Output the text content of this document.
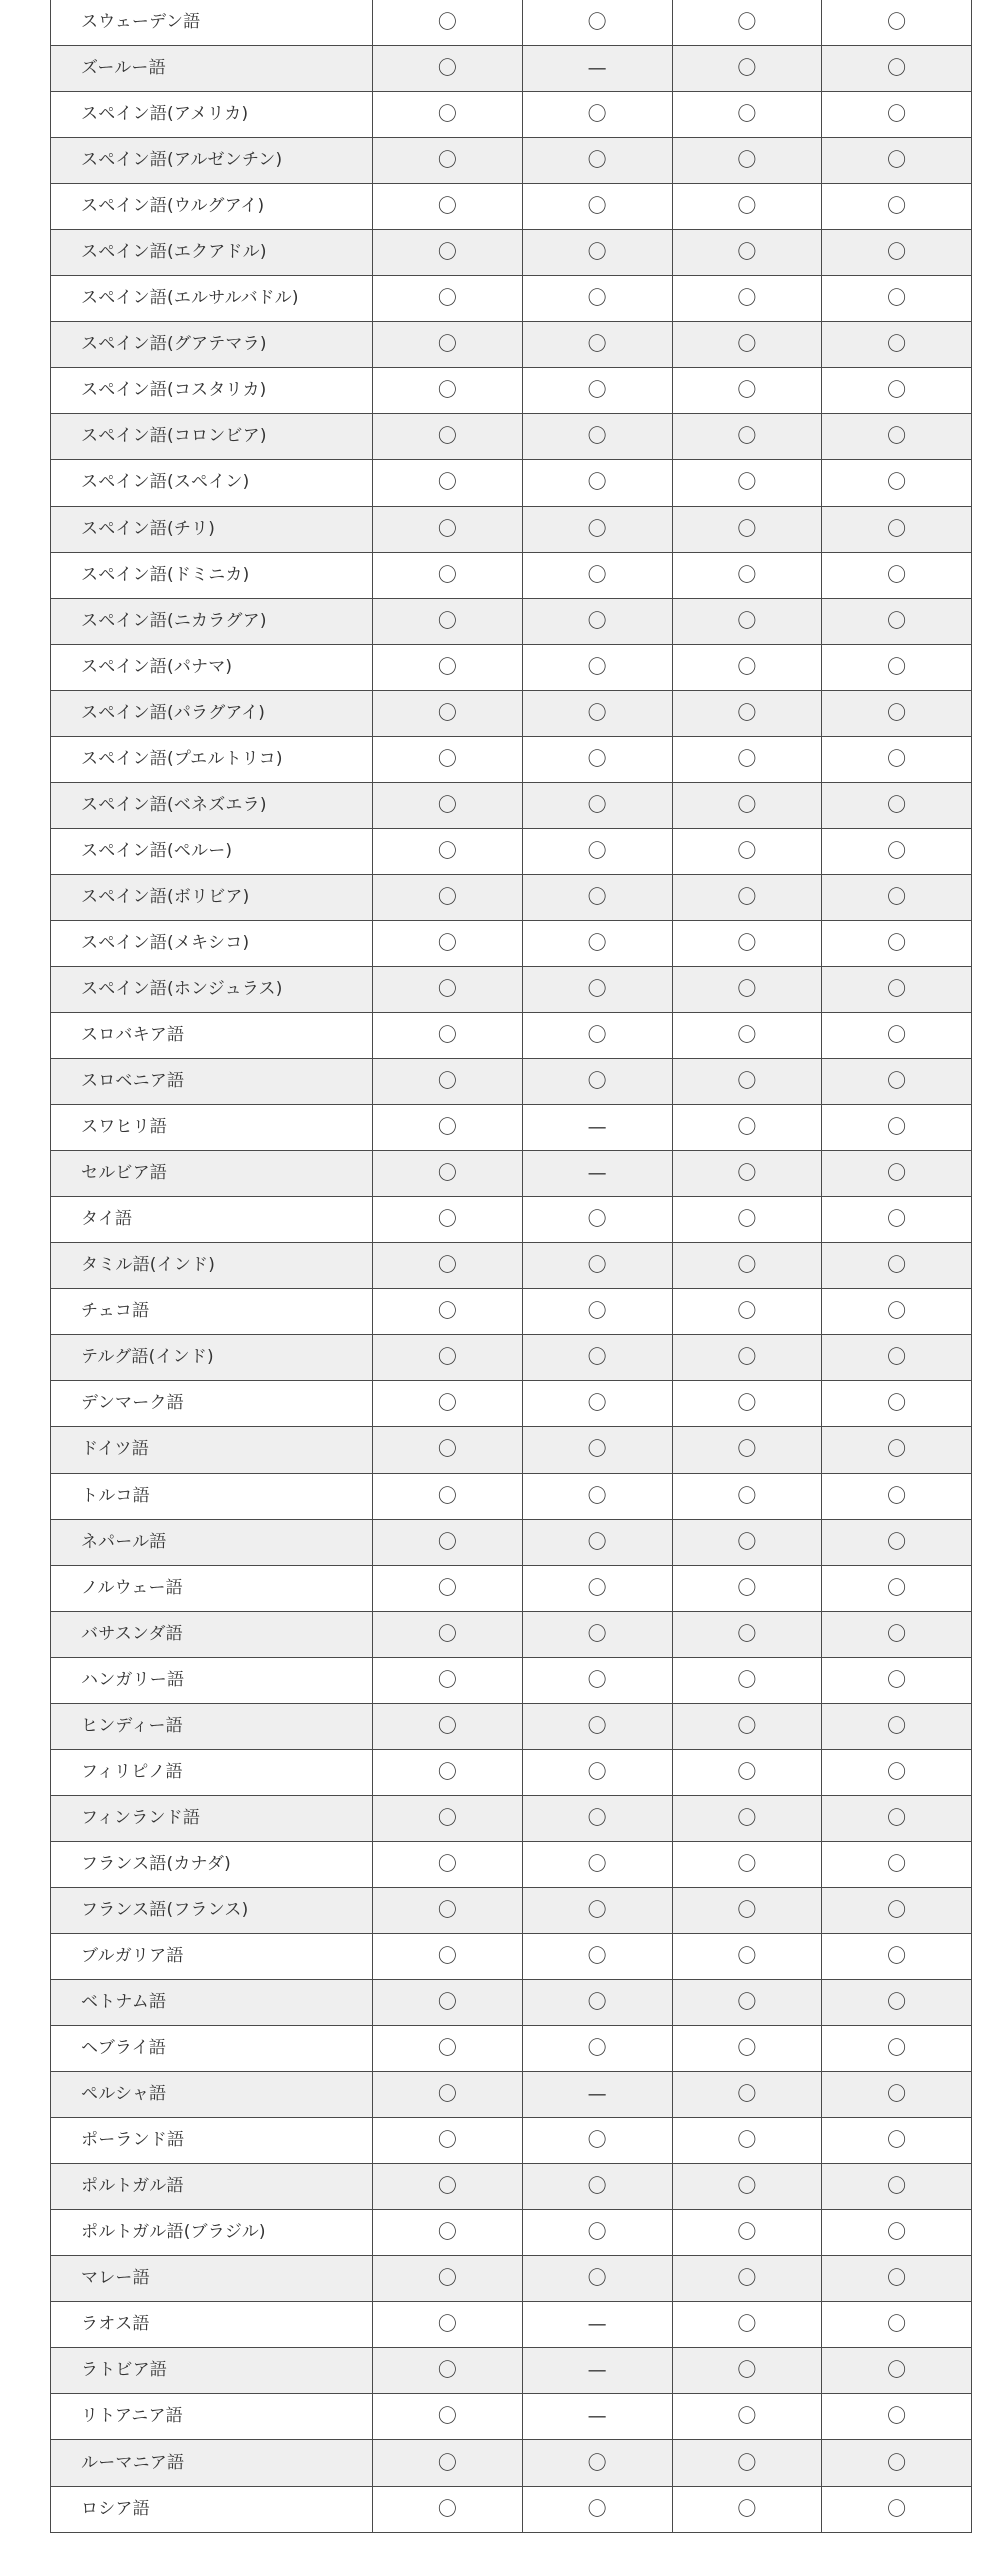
スウェーデン語	〇	〇	〇	〇
ズールー語	〇	—	〇	〇
スペイン語(アメリカ)	〇	〇	〇	〇
スペイン語(アルゼンチン)	〇	〇	〇	〇
スペイン語(ウルグアイ)	〇	〇	〇	〇
スペイン語(エクアドル)	〇	〇	〇	〇
スペイン語(エルサルバドル)	〇	〇	〇	〇
スペイン語(グアテマラ)	〇	〇	〇	〇
スペイン語(コスタリカ)	〇	〇	〇	〇
スペイン語(コロンビア)	〇	〇	〇	〇
スペイン語(スペイン)	〇	〇	〇	〇
スペイン語(チリ)	〇	〇	〇	〇
スペイン語(ドミニカ)	〇	〇	〇	〇
スペイン語(ニカラグア)	〇	〇	〇	〇
スペイン語(パナマ)	〇	〇	〇	〇
スペイン語(パラグアイ)	〇	〇	〇	〇
スペイン語(プエルトリコ)	〇	〇	〇	〇
スペイン語(ベネズエラ)	〇	〇	〇	〇
スペイン語(ペルー)	〇	〇	〇	〇
スペイン語(ボリビア)	〇	〇	〇	〇
スペイン語(メキシコ)	〇	〇	〇	〇
スペイン語(ホンジュラス)	〇	〇	〇	〇
スロバキア語	〇	〇	〇	〇
スロベニア語	〇	〇	〇	〇
スワヒリ語	〇	—	〇	〇
セルビア語	〇	—	〇	〇
タイ語	〇	〇	〇	〇
タミル語(インド)	〇	〇	〇	〇
チェコ語	〇	〇	〇	〇
テルグ語(インド)	〇	〇	〇	〇
デンマーク語	〇	〇	〇	〇
ドイツ語	〇	〇	〇	〇
トルコ語	〇	〇	〇	〇
ネパール語	〇	〇	〇	〇
ノルウェー語	〇	〇	〇	〇
バサスンダ語	〇	〇	〇	〇
ハンガリー語	〇	〇	〇	〇
ヒンディー語	〇	〇	〇	〇
フィリピノ語	〇	〇	〇	〇
フィンランド語	〇	〇	〇	〇
フランス語(カナダ)	〇	〇	〇	〇
フランス語(フランス)	〇	〇	〇	〇
ブルガリア語	〇	〇	〇	〇
ベトナム語	〇	〇	〇	〇
ヘブライ語	〇	〇	〇	〇
ペルシャ語	〇	—	〇	〇
ポーランド語	〇	〇	〇	〇
ポルトガル語	〇	〇	〇	〇
ポルトガル語(ブラジル)	〇	〇	〇	〇
マレー語	〇	〇	〇	〇
ラオス語	〇	—	〇	〇
ラトビア語	〇	—	〇	〇
リトアニア語	〇	—	〇	〇
ルーマニア語	〇	〇	〇	〇
ロシア語	〇	〇	〇	〇
